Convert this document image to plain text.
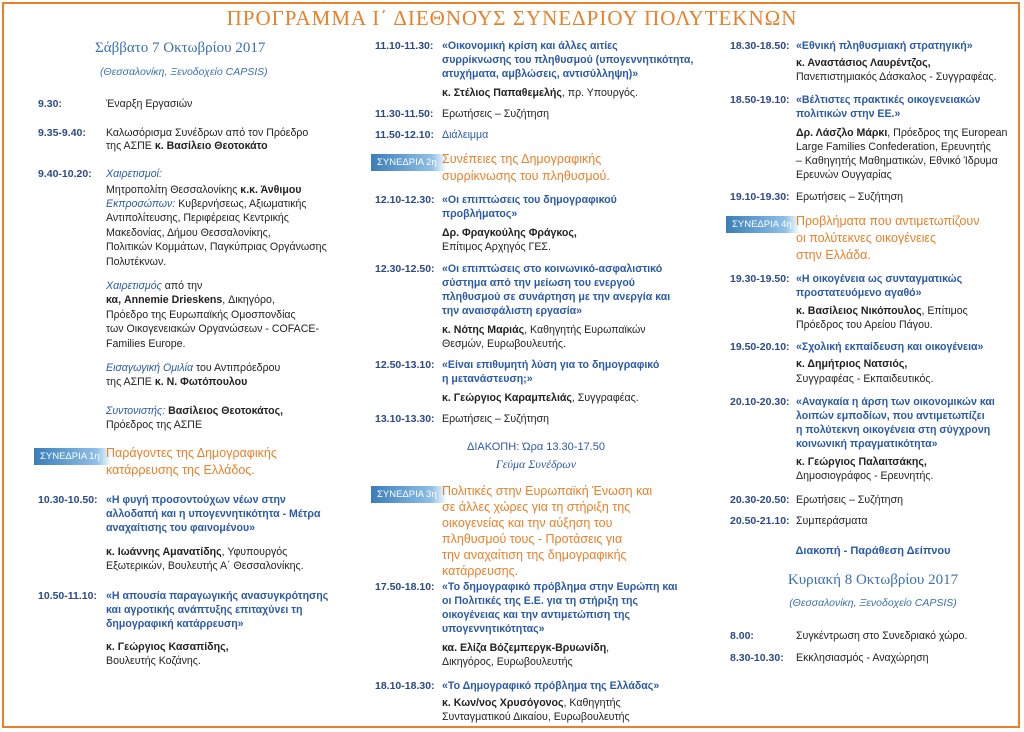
ΠΡΟΓΡΑΜΜΑ Ι΄ ΔΙΕΘΝΟΥΣ ΣΥΝΕΔΡΙΟΥ ΠΟΛΥΤΕΚΝΩΝ
Σάββατο 7 Οκτωβρίου 2017
(Θεσσαλονίκη, Ξενοδοχείο CAPSIS)
9.30:	Έναρξη Εργασιών
9.35-9.40: Καλωσόρισμα Συνέδρων από τον Πρόεδρο
της ΑΣΠΕ κ. Βασίλειο Θεοτοκάτο
9.40-10.20: Χαιρετισμοί:
Μητροπολίτη Θεσσαλονίκης κ.κ. Άνθιμου
Εκπροσώπων: Κυβερνήσεως, Αξιωματικής
Αντιπολίτευσης, Περιφέρειας Κεντρικής
Μακεδονίας, Δήμου Θεσσαλονίκης,
Πολιτικών Κομμάτων, Παγκύπριας Οργάνωσης
Πολυτέκνων.
Χαιρετισμός από την
κα, Annemie Drieskens, Δικηγόρο,
Πρόεδρο της Ευρωπαϊκής Ομοσπονδίας
των Οικογενειακών Οργανώσεων - COFACE-
Families Europe.
Εισαγωγική Ομιλία του Αντιπρόεδρου
της ΑΣΠΕ κ. Ν. Φωτόπουλου
Συντονιστής: Βασίλειος Θεοτοκάτος,
Πρόεδρος της ΑΣΠΕ
ΣΥΝΕΔΡΙΑ 1η Παράγοντες της Δημογραφικής
κατάρρευσης της Ελλάδος.
10.30-10.50: «Η φυγή προσοντούχων νέων στην
αλλοδαπή και η υπογεννητικότητα - Μέτρα
αναχαίτισης του φαινομένου»
κ. Ιωάννης Αμανατίδης, Υφυπουργός
Εξωτερικών, Βουλευτής Α΄ Θεσσαλονίκης.
10.50-11.10: «Η απουσία παραγωγικής ανασυγκρότησης
και αγροτικής ανάπτυξης επιταχύνει τη
δημογραφική κατάρρευση»
κ. Γεώργιος Κασαπίδης,
Βουλευτής Κοζάνης.
11.10-11.30: «Οικονομική κρίση και άλλες αιτίες
συρρίκνωσης του πληθυσμού (υπογεννητικότητα,
ατυχήματα, αμβλώσεις, αντισύλληψη)»
κ. Στέλιος Παπαθεμελής, πρ. Υπουργός.
11.30-11.50: Ερωτήσεις – Συζήτηση
11.50-12.10: Διάλειμμα
ΣΥΝΕΔΡΙΑ 2η Συνέπειες της Δημογραφικής
συρρίκνωσης του πληθυσμού.
12.10-12.30: «Οι επιπτώσεις του δημογραφικού
προβλήματος»
Δρ. Φραγκούλης Φράγκος,
Επίτιμος Αρχηγός ΓΕΣ.
12.30-12.50: «Οι επιπτώσεις στο κοινωνικό-ασφαλιστικό
σύστημα από την μείωση του ενεργού
πληθυσμού σε συνάρτηση με την ανεργία και
την αναισφάλιστη εργασία»
κ. Νότης Μαριάς, Καθηγητής Ευρωπαϊκών
Θεσμών, Ευρωβουλευτής.
12.50-13.10: «Είναι επιθυμητή λύση για το δημογραφικό
η μετανάστευση;»
κ. Γεώργιος Καραμπελιάς, Συγγραφέας.
13.10-13.30: Ερωτήσεις – Συζήτηση
ΔΙΑΚΟΠΗ: Ώρα 13.30-17.50
Γεύμα Συνέδρων
ΣΥΝΕΔΡΙΑ 3η Πολιτικές στην Ευρωπαϊκή Ένωση και
σε άλλες χώρες για τη στήριξη της
οικογενείας και την αύξηση του
πληθυσμού τους - Προτάσεις για
την αναχαίτιση της δημογραφικής
κατάρρευσης.
17.50-18.10: «Το δημογραφικό πρόβλημα στην Ευρώπη και
οι Πολιτικές της Ε.Ε. για τη στήριξη της
οικογένειας και την αντιμετώπιση της
υπογεννητικότητας»
κα. Ελίζα Βόζεμπεργκ-Βρυωνίδη,
Δικηγόρος, Ευρωβουλευτής
18.10-18.30: «Το Δημογραφικό πρόβλημα της Ελλάδας»
κ. Κων/νος Χρυσόγονος, Καθηγητής
Συνταγματικού Δικαίου, Ευρωβουλευτής
18.30-18.50: «Εθνική πληθυσμιακή στρατηγική»
κ. Αναστάσιος Λαυρέντζος,
Πανεπιστημιακός Δάσκαλος - Συγγραφέας.
18.50-19.10: «Βέλτιστες πρακτικές οικογενειακών
πολιτικών στην ΕΕ.»
Δρ. Λάσζλο Μάρκι, Πρόεδρος της European
Large Families Confederation, Ερευνητής
– Καθηγητής Μαθηματικών, Εθνικό Ίδρυμα
Ερευνών Ουγγαρίας
19.10-19.30: Ερωτήσεις – Συζήτηση
ΣΥΝΕΔΡΙΑ 4η Προβλήματα που αντιμετωπίζουν
οι πολύτεκνες οικογένειες
στην Ελλάδα.
19.30-19.50: «Η οικογένεια ως συνταγματικώς
προστατευόμενο αγαθό»
κ. Βασίλειος Νικόπουλος, Επίτιμος
Πρόεδρος του Αρείου Πάγου.
19.50-20.10: «Σχολική εκπαίδευση και οικογένεια»
κ. Δημήτριος Νατσιός,
Συγγραφέας - Εκπαιδευτικός.
20.10-20.30: «Αναγκαία η άρση των οικονομικών και
λοιπών εμποδίων, που αντιμετωπίζει
η πολύτεκνη οικογένεια στη σύγχρονη
κοινωνική πραγματικότητα»
κ. Γεώργιος Παλαιτσάκης,
Δημοσιογράφος - Ερευνητής.
20.30-20.50: Ερωτήσεις – Συζήτηση
20.50-21.10: Συμπεράσματα
Διακοπή - Παράθεση Δείπνου
Κυριακή 8 Οκτωβρίου 2017
(Θεσσαλονίκη, Ξενοδοχείο CAPSIS)
8.00:	Συγκέντρωση στο Συνεδριακό χώρο.
8.30-10.30: Εκκλησιασμός - Αναχώρηση
